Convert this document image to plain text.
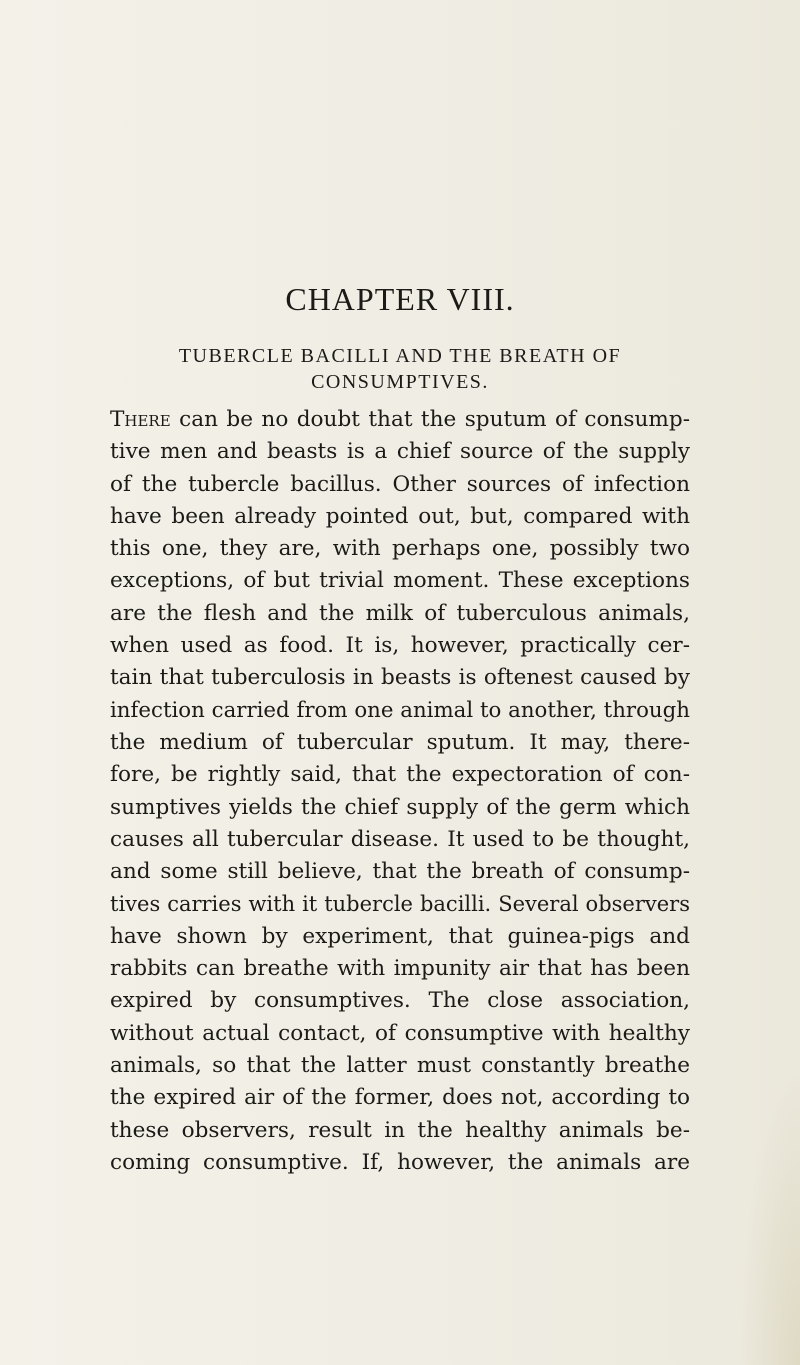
CHAPTER VIII.
TUBERCLE BACILLI AND THE BREATH OF
CONSUMPTIVES.
There can be no doubt that the sputum of consump-
tive men and beasts is a chief source of the supply
of the tubercle bacillus. Other sources of infection
have been already pointed out, but, compared with
this one, they are, with perhaps one, possibly two
exceptions, of but trivial moment. These exceptions
are the flesh and the milk of tuberculous animals,
when used as food. It is, however, practically cer-
tain that tuberculosis in beasts is oftenest caused by
infection carried from one animal to another, through
the medium of tubercular sputum. It may, there-
fore, be rightly said, that the expectoration of con-
sumptives yields the chief supply of the germ which
causes all tubercular disease. It used to be thought,
and some still believe, that the breath of consump-
tives carries with it tubercle bacilli. Several observers
have shown by experiment, that guinea-pigs and
rabbits can breathe with impunity air that has been
expired by consumptives. The close association,
without actual contact, of consumptive with healthy
animals, so that the latter must constantly breathe
the expired air of the former, does not, according to
these observers, result in the healthy animals be-
coming consumptive. If, however, the animals are
